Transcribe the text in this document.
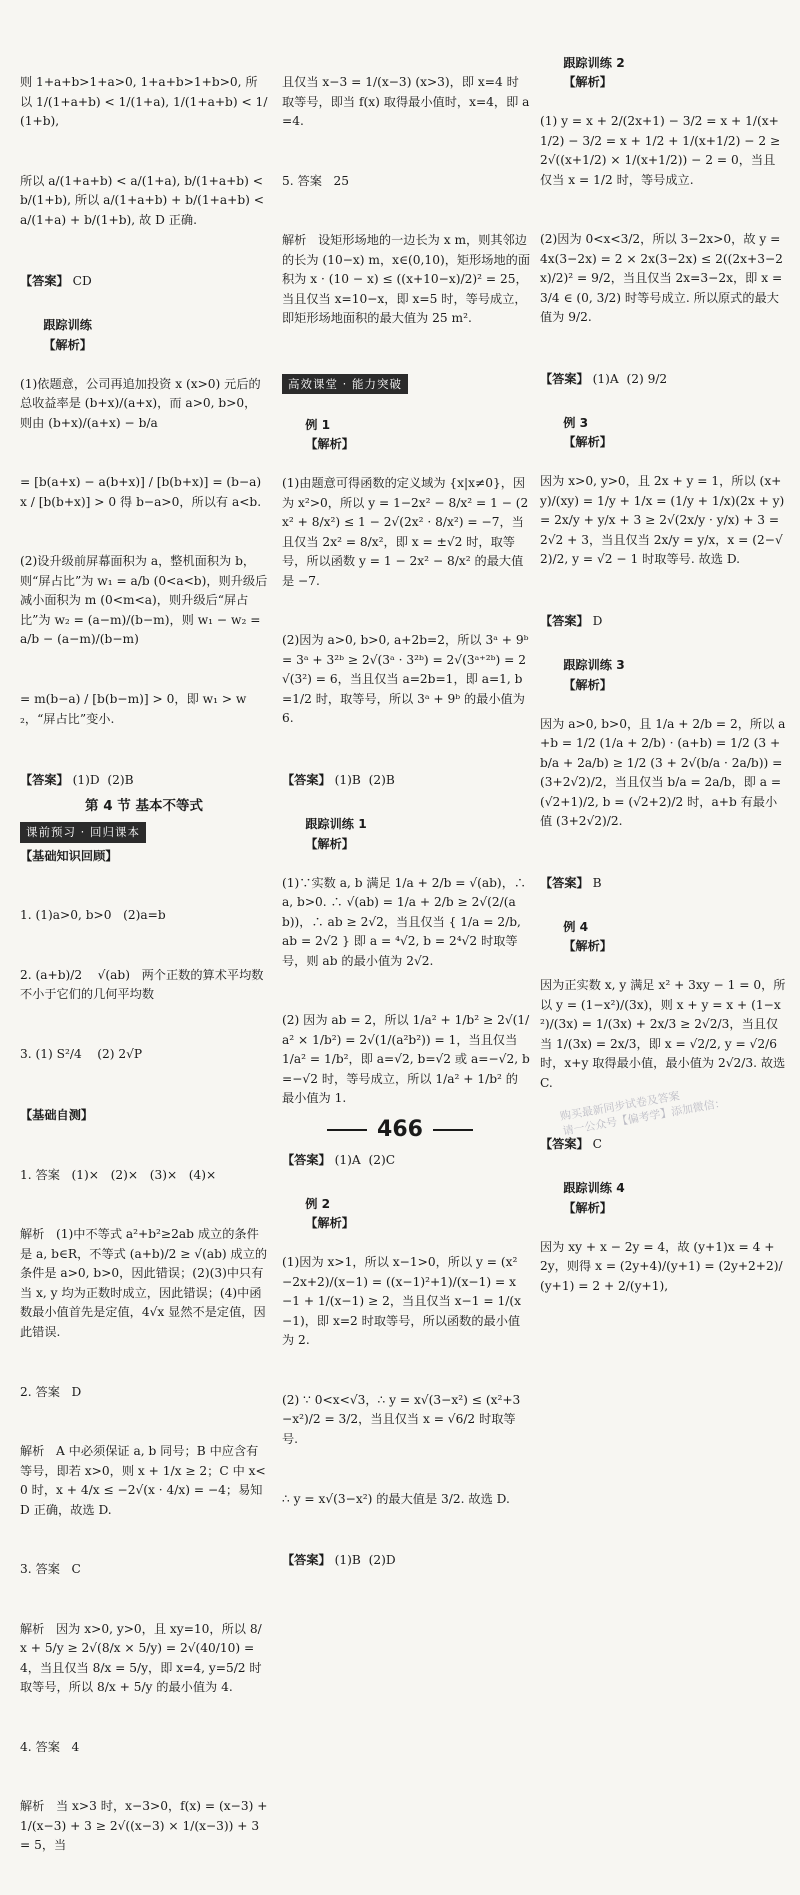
则 1+a+b>1+a>0, 1+a+b>1+b>0, 所以 1/(1+a+b) < 1/(1+a), 1/(1+a+b) < 1/(1+b),

所以 a/(1+a+b) < a/(1+a), b/(1+a+b) < b/(1+b), 所以 a/(1+a+b) + b/(1+a+b) < a/(1+a) + b/(1+b), 故 D 正确.

【答案】 CD

跟踪训练
【解析】

(1)依题意，公司再追加投资 x (x>0) 元后的总收益率是 (b+x)/(a+x)，而 a>0, b>0，则由 (b+x)/(a+x) − b/a

= [b(a+x) − a(b+x)] / [b(b+x)] = (b−a)x / [b(b+x)] > 0 得 b−a>0，所以有 a<b.

(2)设升级前屏幕面积为 a，整机面积为 b，则“屏占比”为 w₁ = a/b (0<a<b)，则升级后减小面积为 m (0<m<a)，则升级后“屏占比”为 w₂ = (a−m)/(b−m)，则 w₁ − w₂ = a/b − (a−m)/(b−m)

= m(b−a) / [b(b−m)] > 0，即 w₁ > w₂，“屏占比”变小.

【答案】 (1)D  (2)B
第 4 节 基本不等式
课前预习 · 回归课本
【基础知识回顾】

1. (1)a>0, b>0   (2)a=b

2. (a+b)/2    √(ab)   两个正数的算术平均数不小于它们的几何平均数

3. (1) S²/4    (2) 2√P

【基础自测】

1. 答案   (1)×   (2)×   (3)×   (4)×

解析   (1)中不等式 a²+b²≥2ab 成立的条件是 a, b∈R，不等式 (a+b)/2 ≥ √(ab) 成立的条件是 a>0, b>0，因此错误；(2)(3)中只有当 x, y 均为正数时成立，因此错误；(4)中函数最小值首先是定值，4√x 显然不是定值，因此错误.

2. 答案   D

解析   A 中必须保证 a, b 同号；B 中应含有等号，即若 x>0，则 x + 1/x ≥ 2；C 中 x<0 时，x + 4/x ≤ −2√(x · 4/x) = −4；易知 D 正确，故选 D.

3. 答案   C

解析   因为 x>0, y>0，且 xy=10，所以 8/x + 5/y ≥ 2√(8/x × 5/y) = 2√(40/10) = 4，当且仅当 8/x = 5/y，即 x=4, y=5/2 时取等号，所以 8/x + 5/y 的最小值为 4.

4. 答案   4

解析   当 x>3 时，x−3>0，f(x) = (x−3) + 1/(x−3) + 3 ≥ 2√((x−3) × 1/(x−3)) + 3 = 5，当

且仅当 x−3 = 1/(x−3) (x>3)，即 x=4 时取等号，即当 f(x) 取得最小值时，x=4，即 a=4.

5. 答案   25

解析   设矩形场地的一边长为 x m，则其邻边的长为 (10−x) m，x∈(0,10)，矩形场地的面积为 x · (10 − x) ≤ ((x+10−x)/2)² = 25，当且仅当 x=10−x，即 x=5 时，等号成立，即矩形场地面积的最大值为 25 m².

高效课堂 · 能力突破

例 1
【解析】

(1)由题意可得函数的定义域为 {x|x≠0}，因为 x²>0，所以 y = 1−2x² − 8/x² = 1 − (2x² + 8/x²) ≤ 1 − 2√(2x² · 8/x²) = −7，当且仅当 2x² = 8/x²，即 x = ±√2 时，取等号，所以函数 y = 1 − 2x² − 8/x² 的最大值是 −7.

(2)因为 a>0, b>0, a+2b=2，所以 3ᵃ + 9ᵇ = 3ᵃ + 3²ᵇ ≥ 2√(3ᵃ · 3²ᵇ) = 2√(3ᵃ⁺²ᵇ) = 2√(3²) = 6，当且仅当 a=2b=1，即 a=1, b=1/2 时，取等号，所以 3ᵃ + 9ᵇ 的最小值为 6.

【答案】 (1)B  (2)B

跟踪训练 1
【解析】

(1)∵实数 a, b 满足 1/a + 2/b = √(ab)，∴ a, b>0. ∴ √(ab) = 1/a + 2/b ≥ 2√(2/(ab))，∴ ab ≥ 2√2，当且仅当 { 1/a = 2/b, ab = 2√2 } 即 a = ⁴√2, b = 2⁴√2 时取等号，则 ab 的最小值为 2√2.

(2) 因为 ab = 2，所以 1/a² + 1/b² ≥ 2√(1/a² × 1/b²) = 2√(1/(a²b²)) = 1，当且仅当 1/a² = 1/b²，即 a=√2, b=√2 或 a=−√2, b=−√2 时，等号成立，所以 1/a² + 1/b² 的最小值为 1.

【答案】 (1)A  (2)C

例 2
【解析】

(1)因为 x>1，所以 x−1>0，所以 y = (x²−2x+2)/(x−1) = ((x−1)²+1)/(x−1) = x−1 + 1/(x−1) ≥ 2，当且仅当 x−1 = 1/(x−1)，即 x=2 时取等号，所以函数的最小值为 2.

(2) ∵ 0<x<√3，∴ y = x√(3−x²) ≤ (x²+3−x²)/2 = 3/2，当且仅当 x = √6/2 时取等号.

∴ y = x√(3−x²) 的最大值是 3/2. 故选 D.

【答案】 (1)B  (2)D

跟踪训练 2
【解析】

(1) y = x + 2/(2x+1) − 3/2 = x + 1/(x+1/2) − 3/2 = x + 1/2 + 1/(x+1/2) − 2 ≥ 2√((x+1/2) × 1/(x+1/2)) − 2 = 0，当且仅当 x = 1/2 时，等号成立.

(2)因为 0<x<3/2，所以 3−2x>0，故 y = 4x(3−2x) = 2 × 2x(3−2x) ≤ 2((2x+3−2x)/2)² = 9/2，当且仅当 2x=3−2x，即 x = 3/4 ∈ (0, 3/2) 时等号成立. 所以原式的最大值为 9/2.

【答案】 (1)A  (2) 9/2

例 3
【解析】

因为 x>0, y>0，且 2x + y = 1，所以 (x+y)/(xy) = 1/y + 1/x = (1/y + 1/x)(2x + y) = 2x/y + y/x + 3 ≥ 2√(2x/y · y/x) + 3 = 2√2 + 3，当且仅当 2x/y = y/x，x = (2−√2)/2, y = √2 − 1 时取等号. 故选 D.

【答案】 D

跟踪训练 3
【解析】

因为 a>0, b>0，且 1/a + 2/b = 2，所以 a+b = 1/2 (1/a + 2/b) · (a+b) = 1/2 (3 + b/a + 2a/b) ≥ 1/2 (3 + 2√(b/a · 2a/b)) = (3+2√2)/2，当且仅当 b/a = 2a/b，即 a = (√2+1)/2, b = (√2+2)/2 时，a+b 有最小值 (3+2√2)/2.

【答案】 B

例 4
【解析】

因为正实数 x, y 满足 x² + 3xy − 1 = 0，所以 y = (1−x²)/(3x)，则 x + y = x + (1−x²)/(3x) = 1/(3x) + 2x/3 ≥ 2√2/3，当且仅当 1/(3x) = 2x/3，即 x = √2/2, y = √2/6 时，x+y 取得最小值，最小值为 2√2/3. 故选 C.

【答案】 C

跟踪训练 4
【解析】

因为 xy + x − 2y = 4，故 (y+1)x = 4 + 2y，则得 x = (2y+4)/(y+1) = (2y+2+2)/(y+1) = 2 + 2/(y+1),

466
购买最新同步试卷及答案
请一公众号【偏考学】添加微信：
